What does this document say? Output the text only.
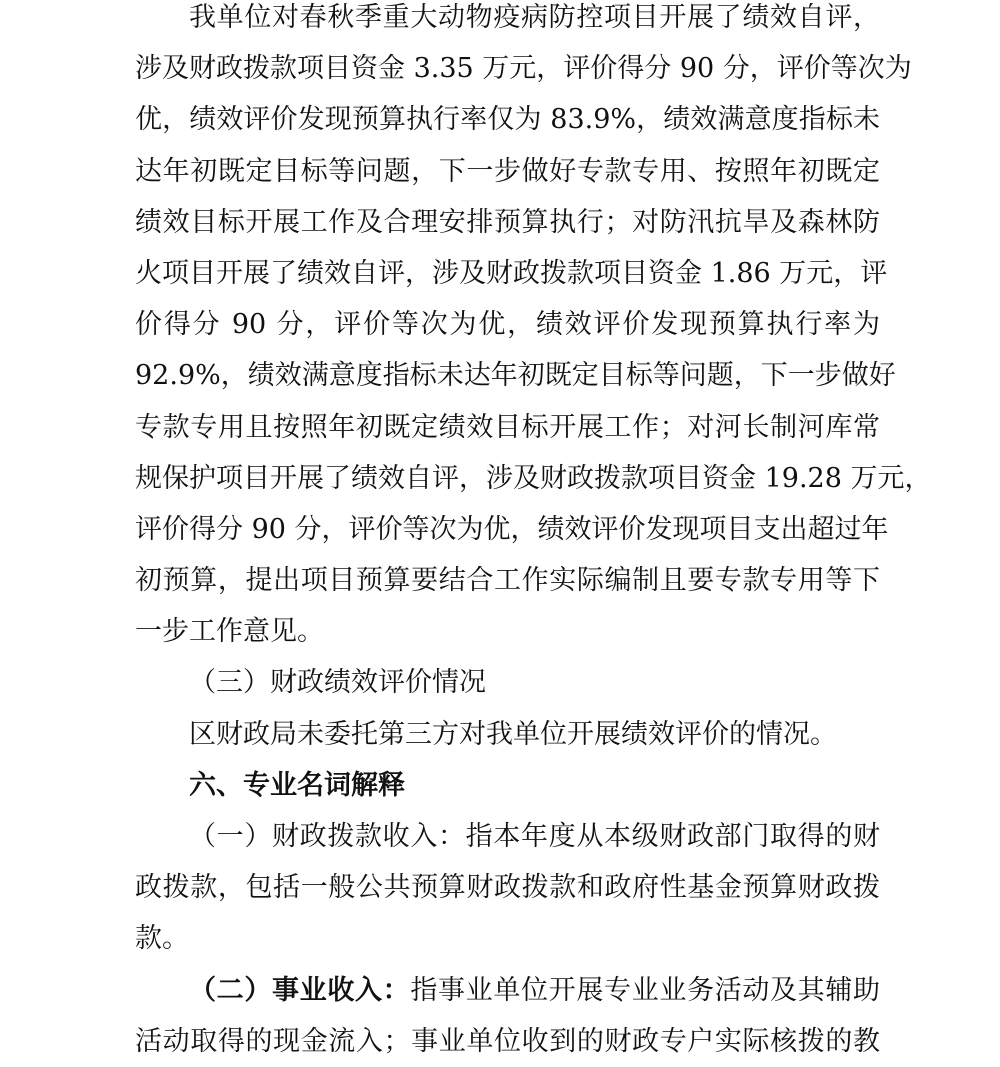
我单位对春秋季重大动物疫病防控项目开展了绩效自评，
涉及财政拨款项目资金 3.35 万元，评价得分 90 分，评价等次为
优，绩效评价发现预算执行率仅为 83.9%，绩效满意度指标未
达年初既定目标等问题，下一步做好专款专用、按照年初既定
绩效目标开展工作及合理安排预算执行；对防汛抗旱及森林防
火项目开展了绩效自评，涉及财政拨款项目资金 1.86 万元，评
价得分 90 分，评价等次为优，绩效评价发现预算执行率为
92.9%，绩效满意度指标未达年初既定目标等问题，下一步做好
专款专用且按照年初既定绩效目标开展工作；对河长制河库常
规保护项目开展了绩效自评，涉及财政拨款项目资金 19.28 万元，
评价得分 90 分，评价等次为优，绩效评价发现项目支出超过年
初预算，提出项目预算要结合工作实际编制且要专款专用等下
一步工作意见。
（三）财政绩效评价情况
区财政局未委托第三方对我单位开展绩效评价的情况。
六、专业名词解释
（一）财政拨款收入：指本年度从本级财政部门取得的财
政拨款，包括一般公共预算财政拨款和政府性基金预算财政拨
款。
（二）事业收入：指事业单位开展专业业务活动及其辅助
活动取得的现金流入；事业单位收到的财政专户实际核拨的教
